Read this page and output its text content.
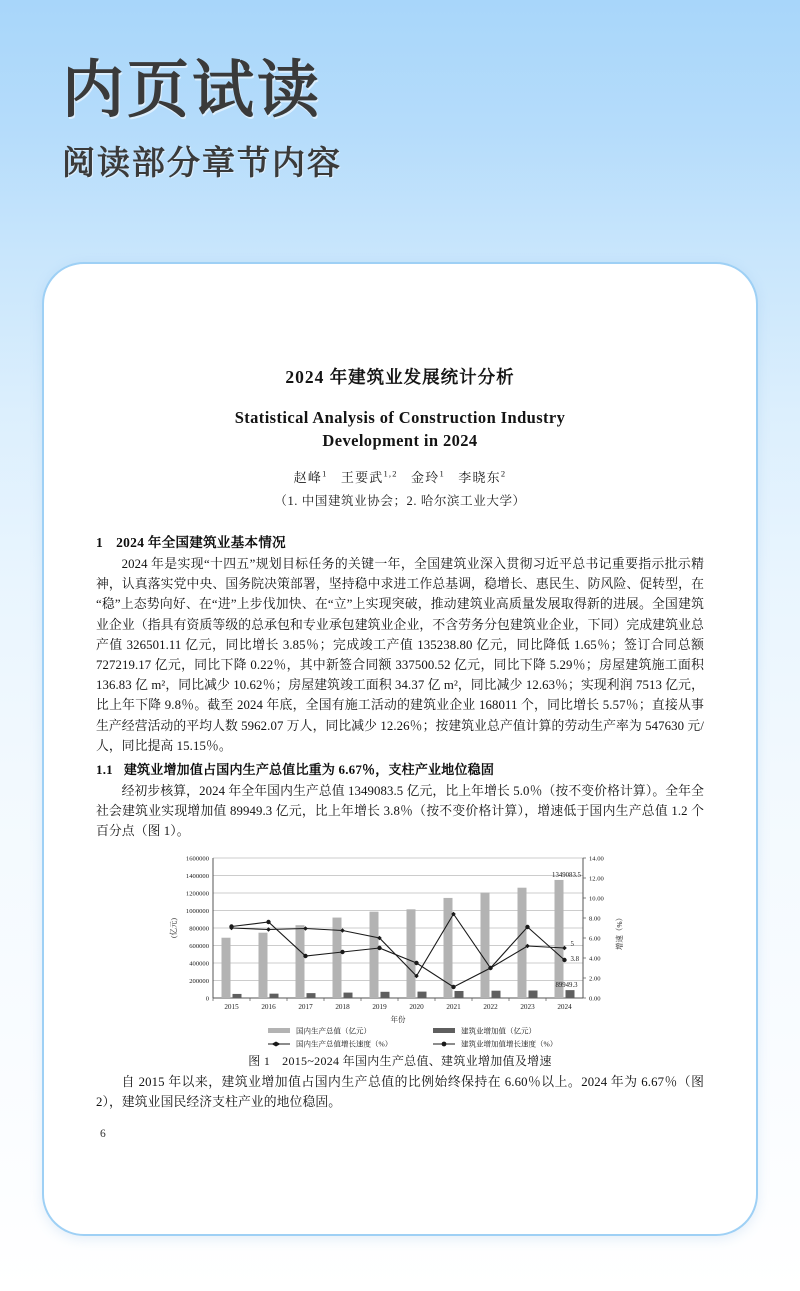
内页试读
阅读部分章节内容
2024 年建筑业发展统计分析
Statistical Analysis of Construction Industry
Development in 2024
赵峰$^1$   王要武$^{1,2}$   金玲$^1$   李晓东$^2$
（1. 中国建筑业协会；2. 哈尔滨工业大学）
1 2024 年全国建筑业基本情况

2024 年是实现“十四五”规划目标任务的关键一年，全国建筑业深入贯彻习近平总书记重要指示批示精神，认真落实党中央、国务院决策部署，坚持稳中求进工作总基调，稳增长、惠民生、防风险、促转型，在“稳”上态势向好、在“进”上步伐加快、在“立”上实现突破，推动建筑业高质量发展取得新的进展。全国建筑业企业（指具有资质等级的总承包和专业承包建筑业企业，不含劳务分包建筑业企业，下同）完成建筑业总产值 326501.11 亿元，同比增长 3.85％；完成竣工产值 135238.80 亿元，同比降低 1.65％；签订合同总额 727219.17 亿元，同比下降 0.22％，其中新签合同额 337500.52 亿元，同比下降 5.29％；房屋建筑施工面积 136.83 亿 m²，同比减少 10.62％；房屋建筑竣工面积 34.37 亿 m²，同比减少 12.63％；实现利润 7513 亿元，比上年下降 9.8％。截至 2024 年底，全国有施工活动的建筑业企业 168011 个，同比增长 5.57％；直接从事生产经营活动的平均人数 5962.07 万人，同比减少 12.26％；按建筑业总产值计算的劳动生产率为 547630 元/人，同比提高 15.15％。

1.1 建筑业增加值占国内生产总值比重为 6.67％，支柱产业地位稳固

经初步核算，2024 年全年国内生产总值 1349083.5 亿元，比上年增长 5.0％（按不变价格计算）。全年全社会建筑业实现增加值 89949.3 亿元，比上年增长 3.8％（按不变价格计算），增速低于国内生产总值 1.2 个百分点（图 1）。

0
200000
400000
600000
800000
1000000
1200000
1400000
1600000
0.00
2.00
4.00
6.00
8.00
10.00
12.00
14.00
2015	2016	2017	2018	2019	2020	2021	2022	2023	2024
1349083.5
89949.3
5
3.8
(亿元)	增速（%）
年份
国内生产总值（亿元）	建筑业增加值（亿元）
国内生产总值增长速度（%）	建筑业增加值增长速度（%）
图 1 2015~2024 年国内生产总值、建筑业增加值及增速

自 2015 年以来，建筑业增加值占国内生产总值的比例始终保持在 6.60％以上。2024 年为 6.67％（图 2），建筑业国民经济支柱产业的地位稳固。

6
